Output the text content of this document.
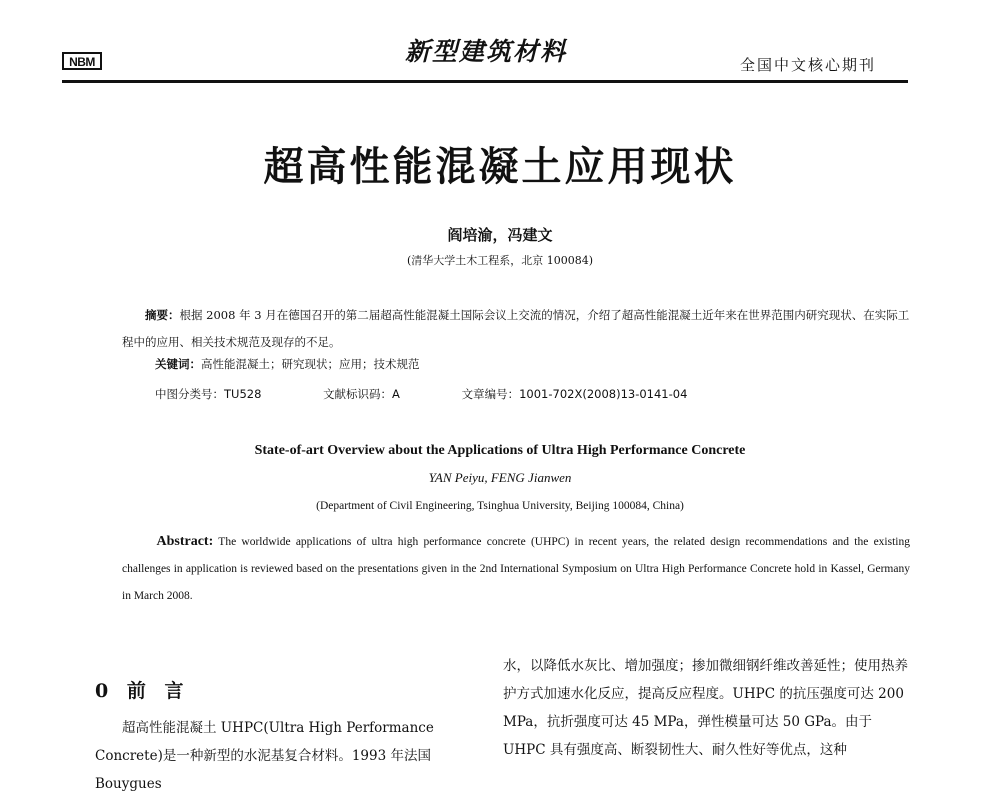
NBM	新型建筑材料	全国中文核心期刊
超高性能混凝土应用现状
阎培渝，冯建文
(清华大学土木工程系，北京 100084)
摘要：根据 2008 年 3 月在德国召开的第二届超高性能混凝土国际会议上交流的情况，介绍了超高性能混凝土近年来在世界范围内研究现状、在实际工程中的应用、相关技术规范及现存的不足。
关键词：高性能混凝土；研究现状；应用；技术规范
中图分类号：TU528	文献标识码：A	文章编号：1001-702X(2008)13-0141-04
State-of-art Overview about the Applications of Ultra High Performance Concrete
YAN Peiyu, FENG Jianwen
(Department of Civil Engineering, Tsinghua University, Beijing 100084, China)
Abstract: The worldwide applications of ultra high performance concrete (UHPC) in recent years, the related design recommendations and the existing challenges in application is reviewed based on the presentations given in the 2nd International Symposium on Ultra High Performance Concrete hold in Kassel, Germany in March 2008.
0 前 言
超高性能混凝土 UHPC(Ultra High Performance Concrete)是一种新型的水泥基复合材料。1993 年法国 Bouygues
水，以降低水灰比、增加强度；掺加微细钢纤维改善延性；使用热养护方式加速水化反应，提高反应程度。UHPC 的抗压强度可达 200 MPa，抗折强度可达 45 MPa，弹性模量可达 50 GPa。由于 UHPC 具有强度高、断裂韧性大、耐久性好等优点，这种
